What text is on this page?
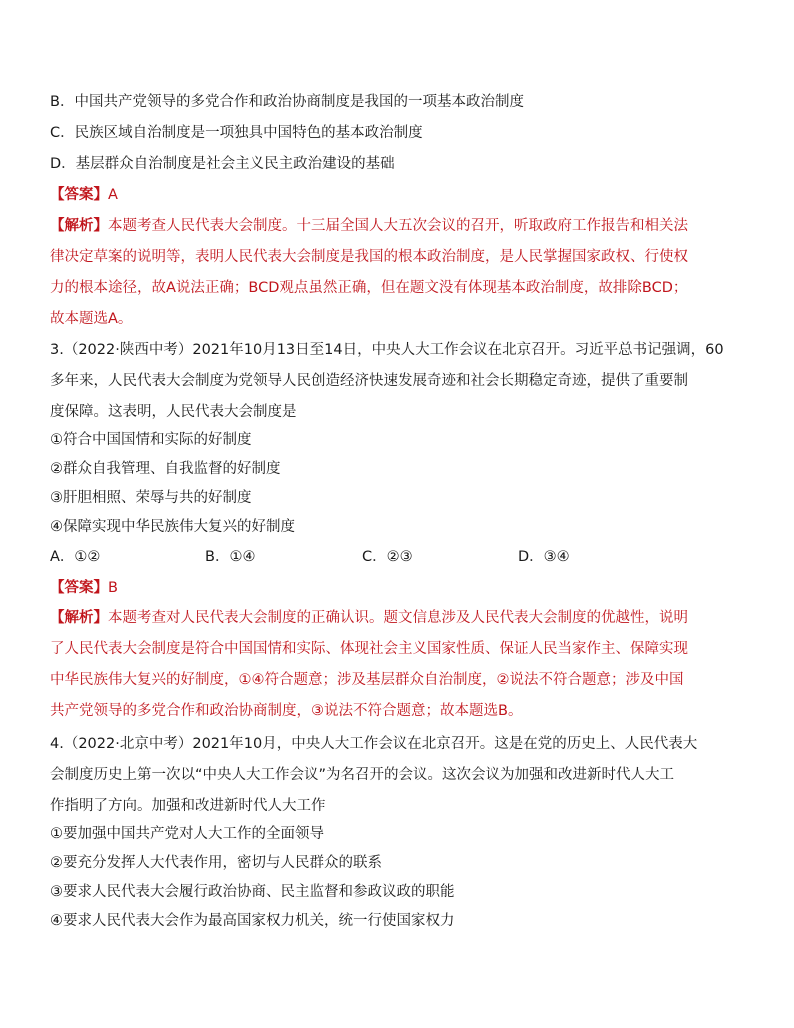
B．中国共产党领导的多党合作和政治协商制度是我国的一项基本政治制度
C．民族区域自治制度是一项独具中国特色的基本政治制度
D．基层群众自治制度是社会主义民主政治建设的基础
【答案】A
【解析】本题考查人民代表大会制度。十三届全国人大五次会议的召开，听取政府工作报告和相关法
律决定草案的说明等，表明人民代表大会制度是我国的根本政治制度，是人民掌握国家政权、行使权
力的根本途径，故A说法正确；BCD观点虽然正确，但在题文没有体现基本政治制度，故排除BCD；
故本题选A。
3.（2022·陕西中考）2021年10月13日至14日，中央人大工作会议在北京召开。习近平总书记强调，60
多年来，人民代表大会制度为党领导人民创造经济快速发展奇迹和社会长期稳定奇迹，提供了重要制
度保障。这表明，人民代表大会制度是
①符合中国国情和实际的好制度
②群众自我管理、自我监督的好制度
③肝胆相照、荣辱与共的好制度
④保障实现中华民族伟大复兴的好制度
A．①②	B．①④	C．②③	D．③④
【答案】B
【解析】本题考查对人民代表大会制度的正确认识。题文信息涉及人民代表大会制度的优越性，说明
了人民代表大会制度是符合中国国情和实际、体现社会主义国家性质、保证人民当家作主、保障实现
中华民族伟大复兴的好制度，①④符合题意；涉及基层群众自治制度，②说法不符合题意；涉及中国
共产党领导的多党合作和政治协商制度，③说法不符合题意；故本题选B。
4.（2022·北京中考）2021年10月，中央人大工作会议在北京召开。这是在党的历史上、人民代表大
会制度历史上第一次以“中央人大工作会议”为名召开的会议。这次会议为加强和改进新时代人大工
作指明了方向。加强和改进新时代人大工作
①要加强中国共产党对人大工作的全面领导
②要充分发挥人大代表作用，密切与人民群众的联系
③要求人民代表大会履行政治协商、民主监督和参政议政的职能
④要求人民代表大会作为最高国家权力机关，统一行使国家权力
